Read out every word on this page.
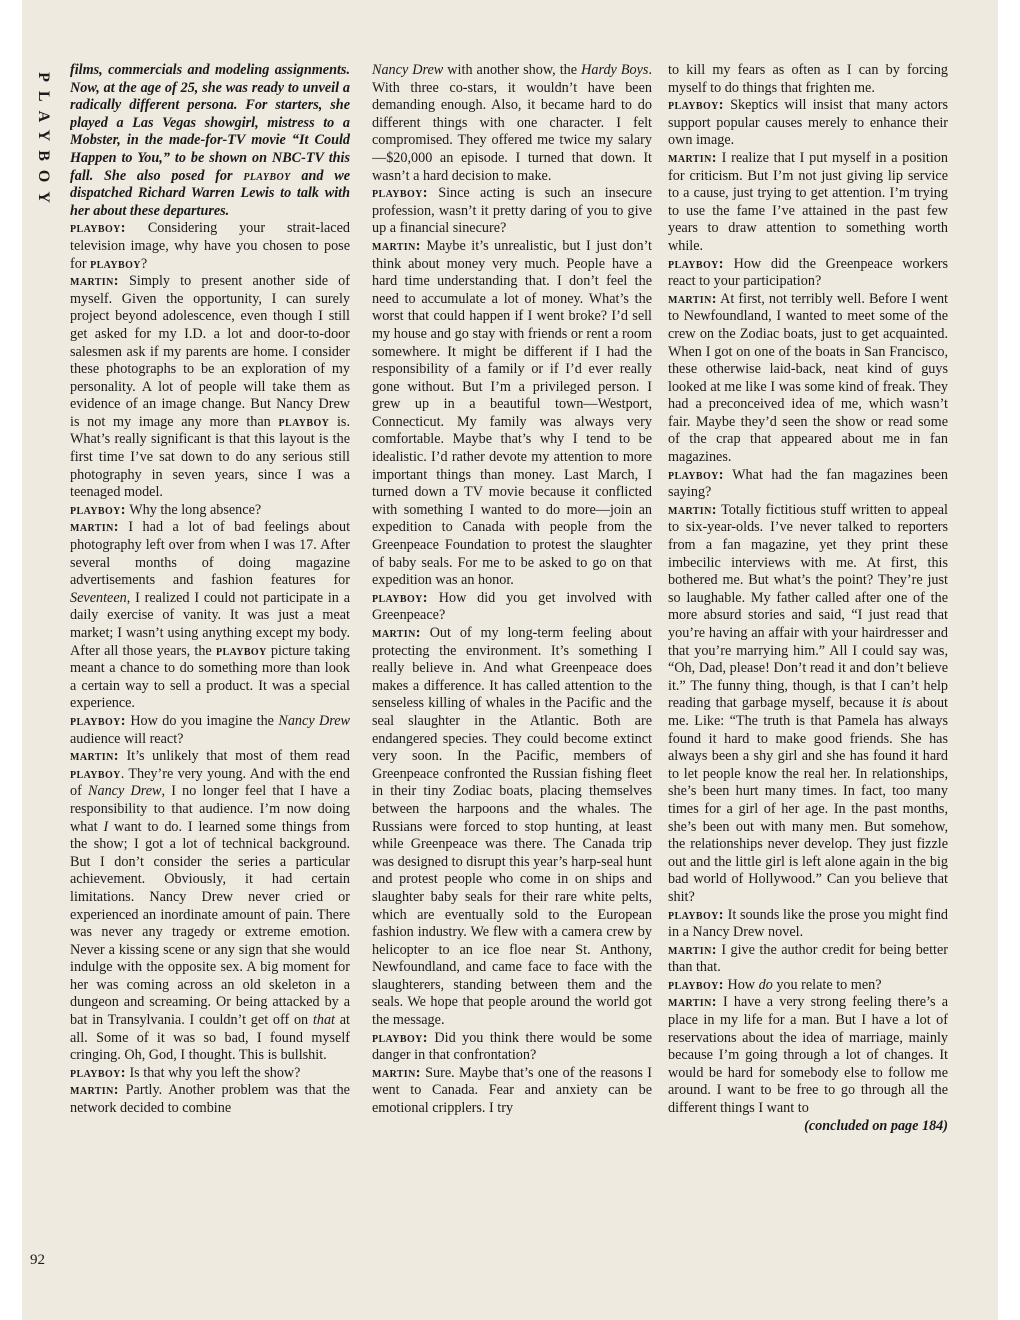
PLAYBOY

films, commercials and modeling assignments. Now, at the age of 25, she was ready to unveil a radically different persona. For starters, she played a Las Vegas showgirl, mistress to a Mobster, in the made-for-TV movie “It Could Happen to You,” to be shown on NBC-TV this fall. She also posed for playboy and we dispatched Richard Warren Lewis to talk with her about these departures.

playboy: Considering your strait-laced television image, why have you chosen to pose for playboy?

martin: Simply to present another side of myself. Given the opportunity, I can surely project beyond adolescence, even though I still get asked for my I.D. a lot and door-to-door salesmen ask if my parents are home. I consider these photographs to be an exploration of my personality. A lot of people will take them as evidence of an image change. But Nancy Drew is not my image any more than playboy is. What’s really significant is that this layout is the first time I’ve sat down to do any serious still photography in seven years, since I was a teenaged model.

playboy: Why the long absence?

martin: I had a lot of bad feelings about photography left over from when I was 17. After several months of doing magazine advertisements and fashion features for Seventeen, I realized I could not participate in a daily exercise of vanity. It was just a meat market; I wasn’t using anything except my body. After all those years, the playboy picture taking meant a chance to do something more than look a certain way to sell a product. It was a special experience.

playboy: How do you imagine the Nancy Drew audience will react?

martin: It’s unlikely that most of them read playboy. They’re very young. And with the end of Nancy Drew, I no longer feel that I have a responsibility to that audience. I’m now doing what I want to do. I learned some things from the show; I got a lot of technical background. But I don’t consider the series a particular achievement. Obviously, it had certain limitations. Nancy Drew never cried or experienced an inordinate amount of pain. There was never any tragedy or extreme emotion. Never a kissing scene or any sign that she would indulge with the opposite sex. A big moment for her was coming across an old skeleton in a dungeon and screaming. Or being attacked by a bat in Transylvania. I couldn’t get off on that at all. Some of it was so bad, I found myself cringing. Oh, God, I thought. This is bullshit.

playboy: Is that why you left the show?

martin: Partly. Another problem was that the network decided to combine

Nancy Drew with another show, the Hardy Boys. With three co-stars, it wouldn’t have been demanding enough. Also, it became hard to do different things with one character. I felt compromised. They offered me twice my salary—$20,000 an episode. I turned that down. It wasn’t a hard decision to make.

playboy: Since acting is such an insecure profession, wasn’t it pretty daring of you to give up a financial sinecure?

martin: Maybe it’s unrealistic, but I just don’t think about money very much. People have a hard time understanding that. I don’t feel the need to accumulate a lot of money. What’s the worst that could happen if I went broke? I’d sell my house and go stay with friends or rent a room somewhere. It might be different if I had the responsibility of a family or if I’d ever really gone without. But I’m a privileged person. I grew up in a beautiful town—Westport, Connecticut. My family was always very comfortable. Maybe that’s why I tend to be idealistic. I’d rather devote my attention to more important things than money. Last March, I turned down a TV movie because it conflicted with something I wanted to do more—join an expedition to Canada with people from the Greenpeace Foundation to protest the slaughter of baby seals. For me to be asked to go on that expedition was an honor.

playboy: How did you get involved with Greenpeace?

martin: Out of my long-term feeling about protecting the environment. It’s something I really believe in. And what Greenpeace does makes a difference. It has called attention to the senseless killing of whales in the Pacific and the seal slaughter in the Atlantic. Both are endangered species. They could become extinct very soon. In the Pacific, members of Greenpeace confronted the Russian fishing fleet in their tiny Zodiac boats, placing themselves between the harpoons and the whales. The Russians were forced to stop hunting, at least while Greenpeace was there. The Canada trip was designed to disrupt this year’s harp-seal hunt and protest people who come in on ships and slaughter baby seals for their rare white pelts, which are eventually sold to the European fashion industry. We flew with a camera crew by helicopter to an ice floe near St. Anthony, Newfoundland, and came face to face with the slaughterers, standing between them and the seals. We hope that people around the world got the message.

playboy: Did you think there would be some danger in that confrontation?

martin: Sure. Maybe that’s one of the reasons I went to Canada. Fear and anxiety can be emotional cripplers. I try

to kill my fears as often as I can by forcing myself to do things that frighten me.

playboy: Skeptics will insist that many actors support popular causes merely to enhance their own image.

martin: I realize that I put myself in a position for criticism. But I’m not just giving lip service to a cause, just trying to get attention. I’m trying to use the fame I’ve attained in the past few years to draw attention to something worth while.

playboy: How did the Greenpeace workers react to your participation?

martin: At first, not terribly well. Before I went to Newfoundland, I wanted to meet some of the crew on the Zodiac boats, just to get acquainted. When I got on one of the boats in San Francisco, these otherwise laid-back, neat kind of guys looked at me like I was some kind of freak. They had a preconceived idea of me, which wasn’t fair. Maybe they’d seen the show or read some of the crap that appeared about me in fan magazines.

playboy: What had the fan magazines been saying?

martin: Totally fictitious stuff written to appeal to six-year-olds. I’ve never talked to reporters from a fan magazine, yet they print these imbecilic interviews with me. At first, this bothered me. But what’s the point? They’re just so laughable. My father called after one of the more absurd stories and said, “I just read that you’re having an affair with your hairdresser and that you’re marrying him.” All I could say was, “Oh, Dad, please! Don’t read it and don’t believe it.” The funny thing, though, is that I can’t help reading that garbage myself, because it is about me. Like: “The truth is that Pamela has always found it hard to make good friends. She has always been a shy girl and she has found it hard to let people know the real her. In relationships, she’s been hurt many times. In fact, too many times for a girl of her age. In the past months, she’s been out with many men. But somehow, the relationships never develop. They just fizzle out and the little girl is left alone again in the big bad world of Hollywood.” Can you believe that shit?

playboy: It sounds like the prose you might find in a Nancy Drew novel.

martin: I give the author credit for being better than that.

playboy: How do you relate to men?

martin: I have a very strong feeling there’s a place in my life for a man. But I have a lot of reservations about the idea of marriage, mainly because I’m going through a lot of changes. It would be hard for somebody else to follow me around. I want to be free to go through all the different things I want to

(concluded on page 184)

92
